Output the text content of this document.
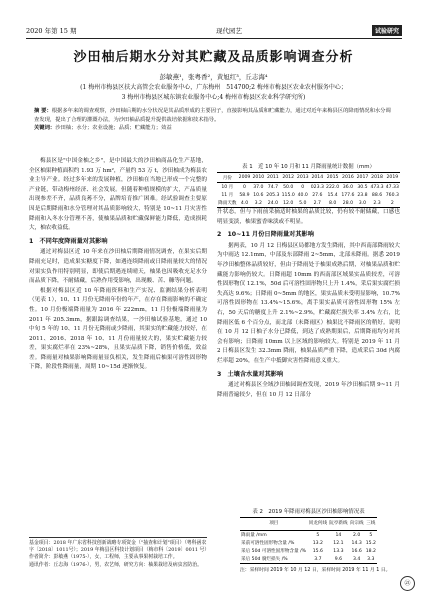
2020 年第 15 期	现代园艺	试验研究
沙田柚后期水分対其贮藏及品质影响调查分析
彭敏燕¹，张粤香²，黄旭红³，丘志海⁴
(1 梅州市梅县区扶大高管会农业服务中心，广东梅州　514700;2 梅州市梅县区农业农村服务中心；
3 梅州市梅县区城东镇农业服务中心;4 梅州市梅县区农业科学研究所)
摘 要：根据多年来的调查观察，沙田柚后期的水分状况是其品质形成的主要因子，直接影响其品质和贮藏能力，通过对近年来梅县区的降雨情况和水分调查发现，提出了合理的灌溉办法，为沙田柚品质提升提供栽培依据和技术指导。
关键词：沙田柚；水分；农业设施；品质；贮藏能力；效益

梅县区是"中国金柚之乡"，是中国最大的沙田柚商品化生产基地，全区柚果种植面积约 1.93 万 hm²，产量约 53 万 t，沙田柚成为梅县农业主导产业。经过多年来的发展种植，沙田柚在当地已形成一个完整的产业链，带动梅州经济、社会发展。但随着种植规模的扩大，产品质量出现参差不齐，品质良莠不分，品牌培育推广困难。经试验调查主要原因是后期降雨和水分管理对其品质影响较大，特别是 10~11 月灾害性降雨和入冬水分管理不善，使柚果品质和贮藏保鲜能力降低，造成损耗大，柚农收益低。

1　不同年度降雨量对其影响

通过对梅县区近 10 年来在沙田柚后期降雨情况调查，在果实后期降雨充足时，造成果实糖度下降，如遇连续降雨或日降雨量较大的情况对果实负作用特别明显，即使后期遇连续晴天，柚果也因吸收充足水分而品质下降，不耐储藏，后熟作用受影响，出现酸、苦、糠等问题。

根据对梅县区近 10 年降雨资料和生产实况、监测结果分析表明（见表 1），10、11 月份无降雨年份的年产，在存在降雨影响的不确定性。10 月份极端降雨量为 2016 年 222mm，11 月份极端降雨量为 2011 年 205.3mm，据跟踪调查结果，一沙田柚试验基地，通过 10 中旬 5 年的 10、11 月份无降雨或少降雨，其果实的贮藏能力较好，在 2011、2016、2018 年 10、11 月份雨量较大的，果实贮藏能力较差，果实腐烂率在 23%~28%，且果实品质下降，销售价格低，效益差。降雨量对柚果影响降雨量显负相关，发生降雨后柚果可溶性固形物下降，阶段性降雨量，周期 10~15d 逐渐恢复。

基金项目：2018 年广东省科技创新战略专项资金（"抽查和计划"项目）（粤科函农字〔2018〕1011号）；2019 年梅县区科技计划项目（梅市科〔2019〕0011 号）
作者简介：彭敏燕（1975-），女，工程师，主要从事果树栽培工作。
通讯作者：丘志海（1976-），男，农艺师，研究方向：柚果栽培及病虫害防治。
表 1　近 10 年 10 月和 11 月降雨量统计数据（mm）
月份	2009	2010	2011	2012	2013	2014	2015	2016	2017	2018	2019
10 月	0	37.0	74.7	50.0	0	023.3	222.0	36.0	30.5	473.3	47.33
11 月	58.9	10.6	205.3	115.0	40.0	27.6	15.4	177.6	23.8	88.6	760.3
降雨天数	4.0	3.2	24.0	12.0	5.0	2.7	8.0	28.0	3.0	2.3	2

升状态，但与下雨前采摘适时柚果的品质比较，仍有较不耐储藏，口感也明显变淡，柚果蜜香味淡或不明显。

2　10~11 月份日降雨量对其影响

据两表，10 月 12 日梅县区局都地方发生降雨，其中西南部降雨较大为中雨达 12.1mm，中部及东部降雨 2~5mm，北部未降雨。据悉 2019 年沙田柚整体品质较好，但由于降雨处于柚果成熟后期，对柚果品质和贮藏能力影响仍较大。日降雨超 10mm 的西南部区域果实品质较差，可溶性固形物仅 12.1%，50d 后可溶性固形物只上升 1.4%，采后果实腐烂损失高达 9.6%；日降雨 0~5mm 的地区，果实品质未受明显影响，10.7% 可溶性固形物在 13.4%~15.6%，离手果实品质可溶性固形物 15% 左右，50 天后的糖度上升 2.1%~2.9%，贮藏腐烂损失率 3.4% 左右，比降雨区低 6 个百分点，而北部（未降雨区）柚果比不降雨区的稍好。说明在 10 月 12 日柚子水分已降低，到达了成熟期果后，后期降雨均匀对其会有影响；日降雨 10mm 以上区域的影响较大。特别是 2019 年 11 月 2 日梅县区发生 32.3mm 降雨，柚果品质严重下降，造成采后 30d 内腐烂率超 20%，在生产中抵御灾害性降雨意义重大。

3　土壤含水量对其影响

通过对梅县区全域沙田柚园调查发现，2019 年沙田柚后期 9~11 月降雨普遍较少，但在 10 月 12 日部分

表 2　2019 年降雨对梅县区沙田柚影响情况表
项目	同龙何线	阮亭新线	向宗线	三线
降雨量 /mm	5	14	2.0	5
采前可溶性固形物含量 /%	13.2	12.1	14.3	15.2
采后 50d 可溶性固形物含量 /%	15.6	13.3	16.6	18.2
采后 50d 腐烂损失 /%	3.7	9.6	3.4	3.3
注：采样时间 2019 年 10 月 12 日，采样时间 2019 年 11 月 1 日。
㉑
